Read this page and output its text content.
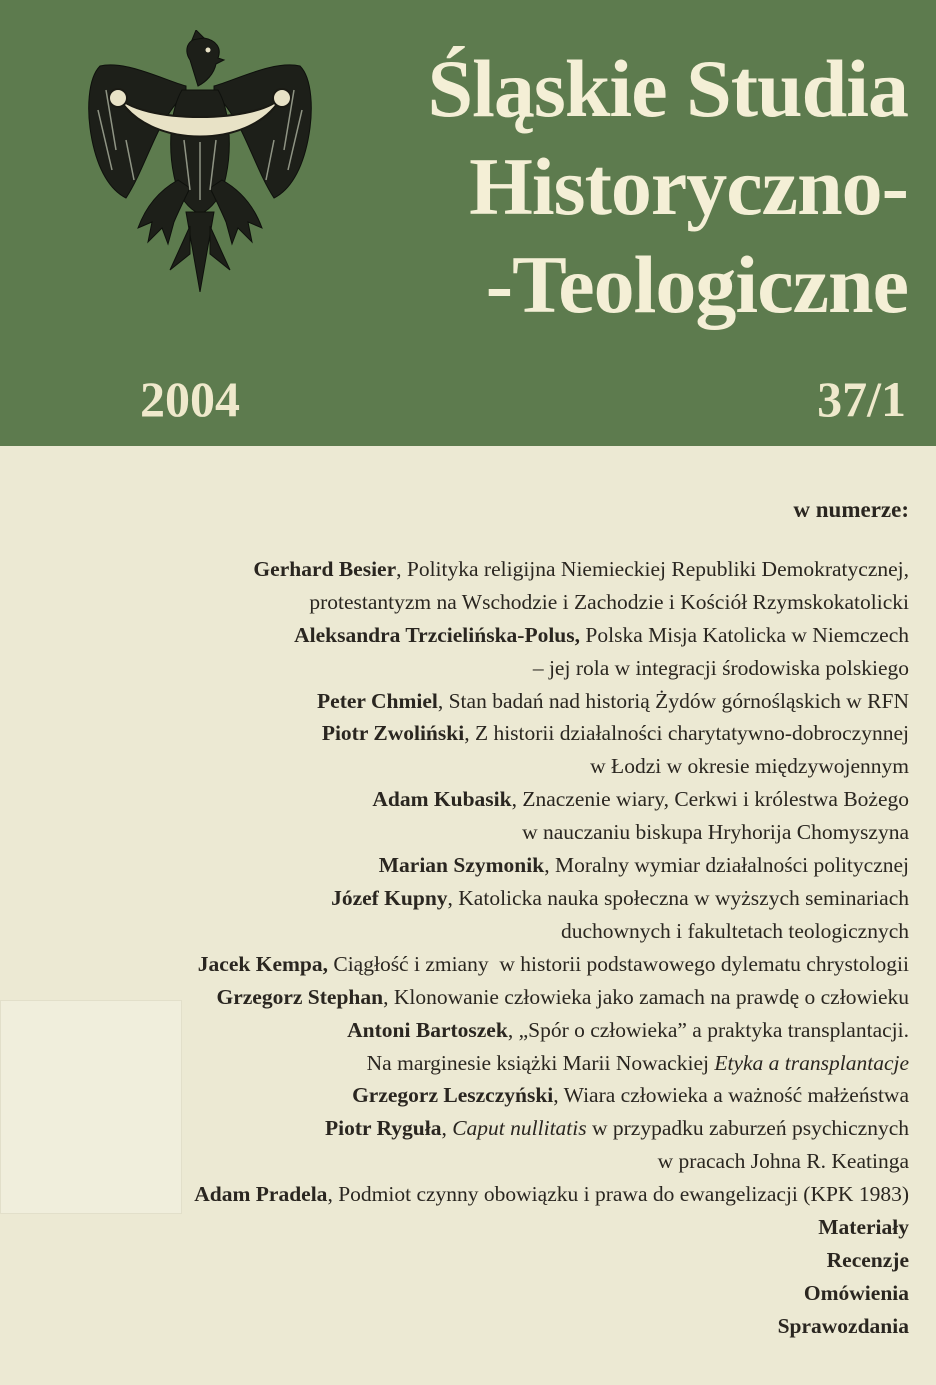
Śląskie Studia
Historyczno-
-Teologiczne
2004	37/1
w numerze:
Gerhard Besier, Polityka religijna Niemieckiej Republiki Demokratycznej,
protestantyzm na Wschodzie i Zachodzie i Kościół Rzymskokatolicki
Aleksandra Trzcielińska-Polus, Polska Misja Katolicka w Niemczech
– jej rola w integracji środowiska polskiego
Peter Chmiel, Stan badań nad historią Żydów górnośląskich w RFN
Piotr Zwoliński, Z historii działalności charytatywno-dobroczynnej
w Łodzi w okresie międzywojennym
Adam Kubasik, Znaczenie wiary, Cerkwi i królestwa Bożego
w nauczaniu biskupa Hryhorija Chomyszyna
Marian Szymonik, Moralny wymiar działalności politycznej
Józef Kupny, Katolicka nauka społeczna w wyższych seminariach
duchownych i fakultetach teologicznych
Jacek Kempa, Ciągłość i zmiany  w historii podstawowego dylematu chrystologii
Grzegorz Stephan, Klonowanie człowieka jako zamach na prawdę o człowieku
Antoni Bartoszek, „Spór o człowieka” a praktyka transplantacji.
Na marginesie książki Marii Nowackiej Etyka a transplantacje
Grzegorz Leszczyński, Wiara człowieka a ważność małżeństwa
Piotr Ryguła, Caput nullitatis w przypadku zaburzeń psychicznych
w pracach Johna R. Keatinga
Adam Pradela, Podmiot czynny obowiązku i prawa do ewangelizacji (KPK 1983)
Materiały
Recenzje
Omówienia
Sprawozdania
